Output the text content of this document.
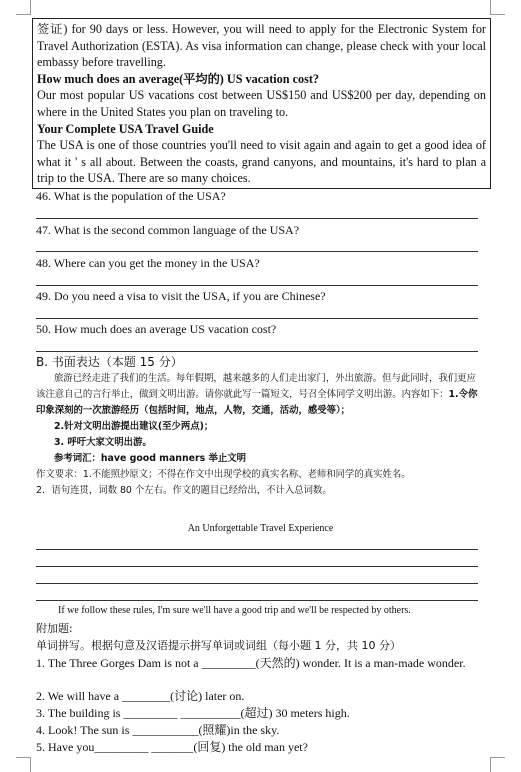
签证) for 90 days or less. However, you will need to apply for the Electronic System for Travel Authorization (ESTA). As visa information can change, please check with your local embassy before travelling.

How much does an average(平均的) US vacation cost?

Our most popular US vacations cost between US$150 and US$200 per day, depending on where in the United States you plan on traveling to.

Your Complete USA Travel Guide

The USA is one of those countries you'll need to visit again and again to get a good idea of what it ' s all about. Between the coasts, grand canyons, and mountains, it's hard to plan a trip to the USA. There are so many choices.

46. What is the population of the USA?
47. What is the second common language of the USA?
48. Where can you get the money in the USA?
49. Do you need a visa to visit the USA, if you are Chinese?
50. How much does an average US vacation cost?
B. 书面表达（本题 15 分）
旅游已经走进了我们的生活。每年假期，越来越多的人们走出家门，外出旅游。但与此同时，我们更应该注意自己的言行举止，做到文明出游。请你就此写一篇短文，号召全体同学文明出游。内容如下：1.令你印象深刻的一次旅游经历（包括时间，地点，人物，交通，活动，感受等）；
2.针对文明出游提出建议(至少两点)；
3. 呼吁大家文明出游。
参考词汇：have good manners 举止文明
作文要求：1.不能照抄原文；不得在作文中出现学校的真实名称、老师和同学的真实姓名。
2．语句连贯，词数 80 个左右。作文的题目已经给出，不计入总词数。
An Unforgettable Travel Experience
If we follow these rules, I'm sure we'll have a good trip and we'll be respected by others.
附加题:
单词拼写。根据句意及汉语提示拼写单词或词组（每小题 1 分，共 10 分）
1. The Three Gorges Dam is not a _________(天然的) wonder. It is a man-made wonder.
2. We will have a ________(讨论) later on.
3. The building is _________ __________(超过) 30 meters high.
4. Look! The sun is ___________(照耀)in the sky.
5. Have you_________ _______(回复) the old man yet?
